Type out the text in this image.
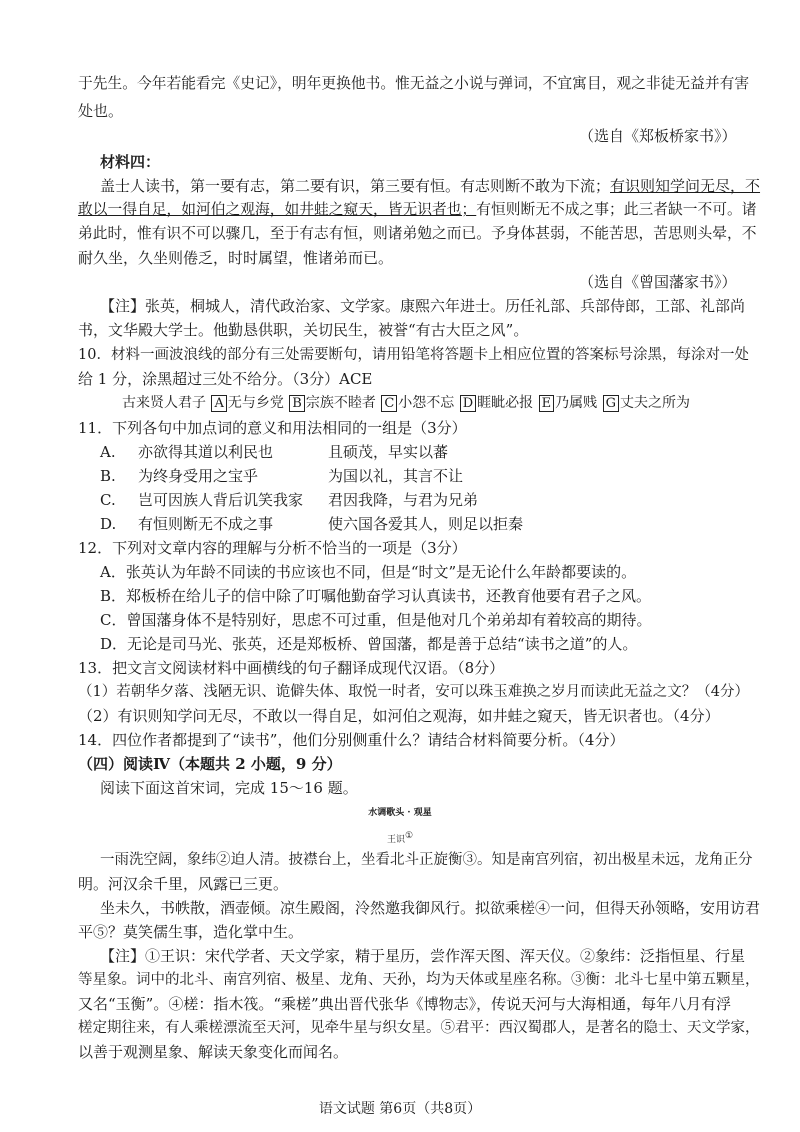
于先生。今年若能看完《史记》，明年更换他书。惟无益之小说与弹词，不宜寓目，观之非徒无益并有害
处也。
（选自《郑板桥家书》）
材料四：
盖士人读书，第一要有志，第二要有识，第三要有恒。有志则断不敢为下流；有识则知学问无尽，不
敢以一得自足，如河伯之观海，如井蛙之窥天，皆无识者也；有恒则断无不成之事；此三者缺一不可。诸
弟此时，惟有识不可以骤几，至于有志有恒，则诸弟勉之而已。予身体甚弱，不能苦思，苦思则头晕，不
耐久坐，久坐则倦乏，时时属望，惟诸弟而已。
（选自《曾国藩家书》）
【注】张英，桐城人，清代政治家、文学家。康熙六年进士。历任礼部、兵部侍郎，工部、礼部尚
书，文华殿大学士。他勤恳供职，关切民生，被誉“有古大臣之风”。
10．材料一画波浪线的部分有三处需要断句，请用铅笔将答题卡上相应位置的答案标号涂黑，每涂对一处
给 1 分，涂黑超过三处不给分。（3分）ACE
古来贤人君子 A 无与乡党 B 宗族不睦者 C 小怨不忘 D 睚眦必报 E 乃属贱 G 丈夫之所为
11．下列各句中加点词的意义和用法相同的一组是（3分）
A. 亦欲得其道以利民也	且硕茂，早实以蕃
B. 为终身受用之宝乎	为国以礼，其言不让
C. 岂可因族人背后讥笑我家 君因我降，与君为兄弟
D. 有恒则断无不成之事	使六国各爱其人，则足以拒秦
12．下列对文章内容的理解与分析不恰当的一项是（3分）
A．张英认为年龄不同读的书应该也不同，但是“时文”是无论什么年龄都要读的。
B．郑板桥在给儿子的信中除了叮嘱他勤奋学习认真读书，还教育他要有君子之风。
C．曾国藩身体不是特别好，思虑不可过重，但是他对几个弟弟却有着较高的期待。
D．无论是司马光、张英，还是郑板桥、曾国藩，都是善于总结“读书之道”的人。
13．把文言文阅读材料中画横线的句子翻译成现代汉语。（8分）
（1）若朝华夕落、浅陋无识、诡僻失体、取悦一时者，安可以珠玉难换之岁月而读此无益之文？（4分）
（2）有识则知学问无尽，不敢以一得自足，如河伯之观海，如井蛙之窥天，皆无识者也。（4分）
14．四位作者都提到了“读书”，他们分别侧重什么？请结合材料简要分析。（4分）
（四）阅读Ⅳ（本题共 2 小题，9 分）
阅读下面这首宋词，完成 15～16 题。
水调歌头 · 观星
王识①
一雨洗空阔，象纬②迫人清。披襟台上，坐看北斗正旋衡③。知是南宫列宿，初出极星未远，龙角正分
明。河汉余千里，风露已三更。
坐未久，书帙散，酒壶倾。凉生殿阁，泠然邀我御风行。拟欲乘槎④一问，但得天孙领略，安用访君
平⑤？莫笑儒生事，造化掌中生。
【注】①王识：宋代学者、天文学家，精于星历，尝作浑天图、浑天仪。②象纬：泛指恒星、行星
等星象。词中的北斗、南宫列宿、极星、龙角、天孙，均为天体或星座名称。③衡：北斗七星中第五颗星，
又名“玉衡”。④槎：指木筏。“乘槎”典出晋代张华《博物志》，传说天河与大海相通，每年八月有浮
槎定期往来，有人乘槎漂流至天河，见牵牛星与织女星。⑤君平：西汉蜀郡人，是著名的隐士、天文学家，
以善于观测星象、解读天象变化而闻名。
语文试题 第6页（共8页）
